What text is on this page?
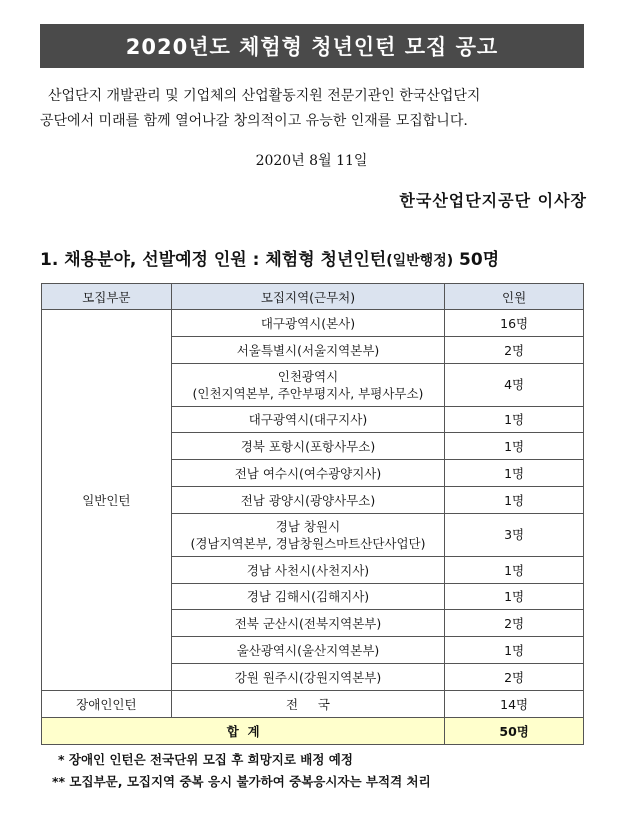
2020년도 체험형 청년인턴 모집 공고
산업단지 개발관리 및 기업체의 산업활동지원 전문기관인 한국산업단지
공단에서 미래를 함께 열어나갈 창의적이고 유능한 인재를 모집합니다.
2020년 8월 11일
한국산업단지공단 이사장
1. 채용분야, 선발예정 인원 : 체험형 청년인턴(일반행정) 50명
모집부문	모집지역(근무처)	인원
일반인턴	대구광역시(본사)	16명
	서울특별시(서울지역본부)	2명

	인천광역시
(인천지역본부, 주안부평지사, 부평사무소)	4명
	대구광역시(대구지사)	1명
	경북 포항시(포항사무소)	1명
	전남 여수시(여수광양지사)	1명
	전남 광양시(광양사무소)	1명

	경남 창원시
(경남지역본부, 경남창원스마트산단사업단)	3명
	경남 사천시(사천지사)	1명
	경남 김해시(김해지사)	1명
	전북 군산시(전북지역본부)	2명
	울산광역시(울산지역본부)	1명
	강원 원주시(강원지역본부)	2명
장애인인턴	전     국	14명
합  계		50명
* 장애인 인턴은 전국단위 모집 후 희망지로 배정 예정
** 모집부문, 모집지역 중복 응시 불가하여 중복응시자는 부적격 처리
